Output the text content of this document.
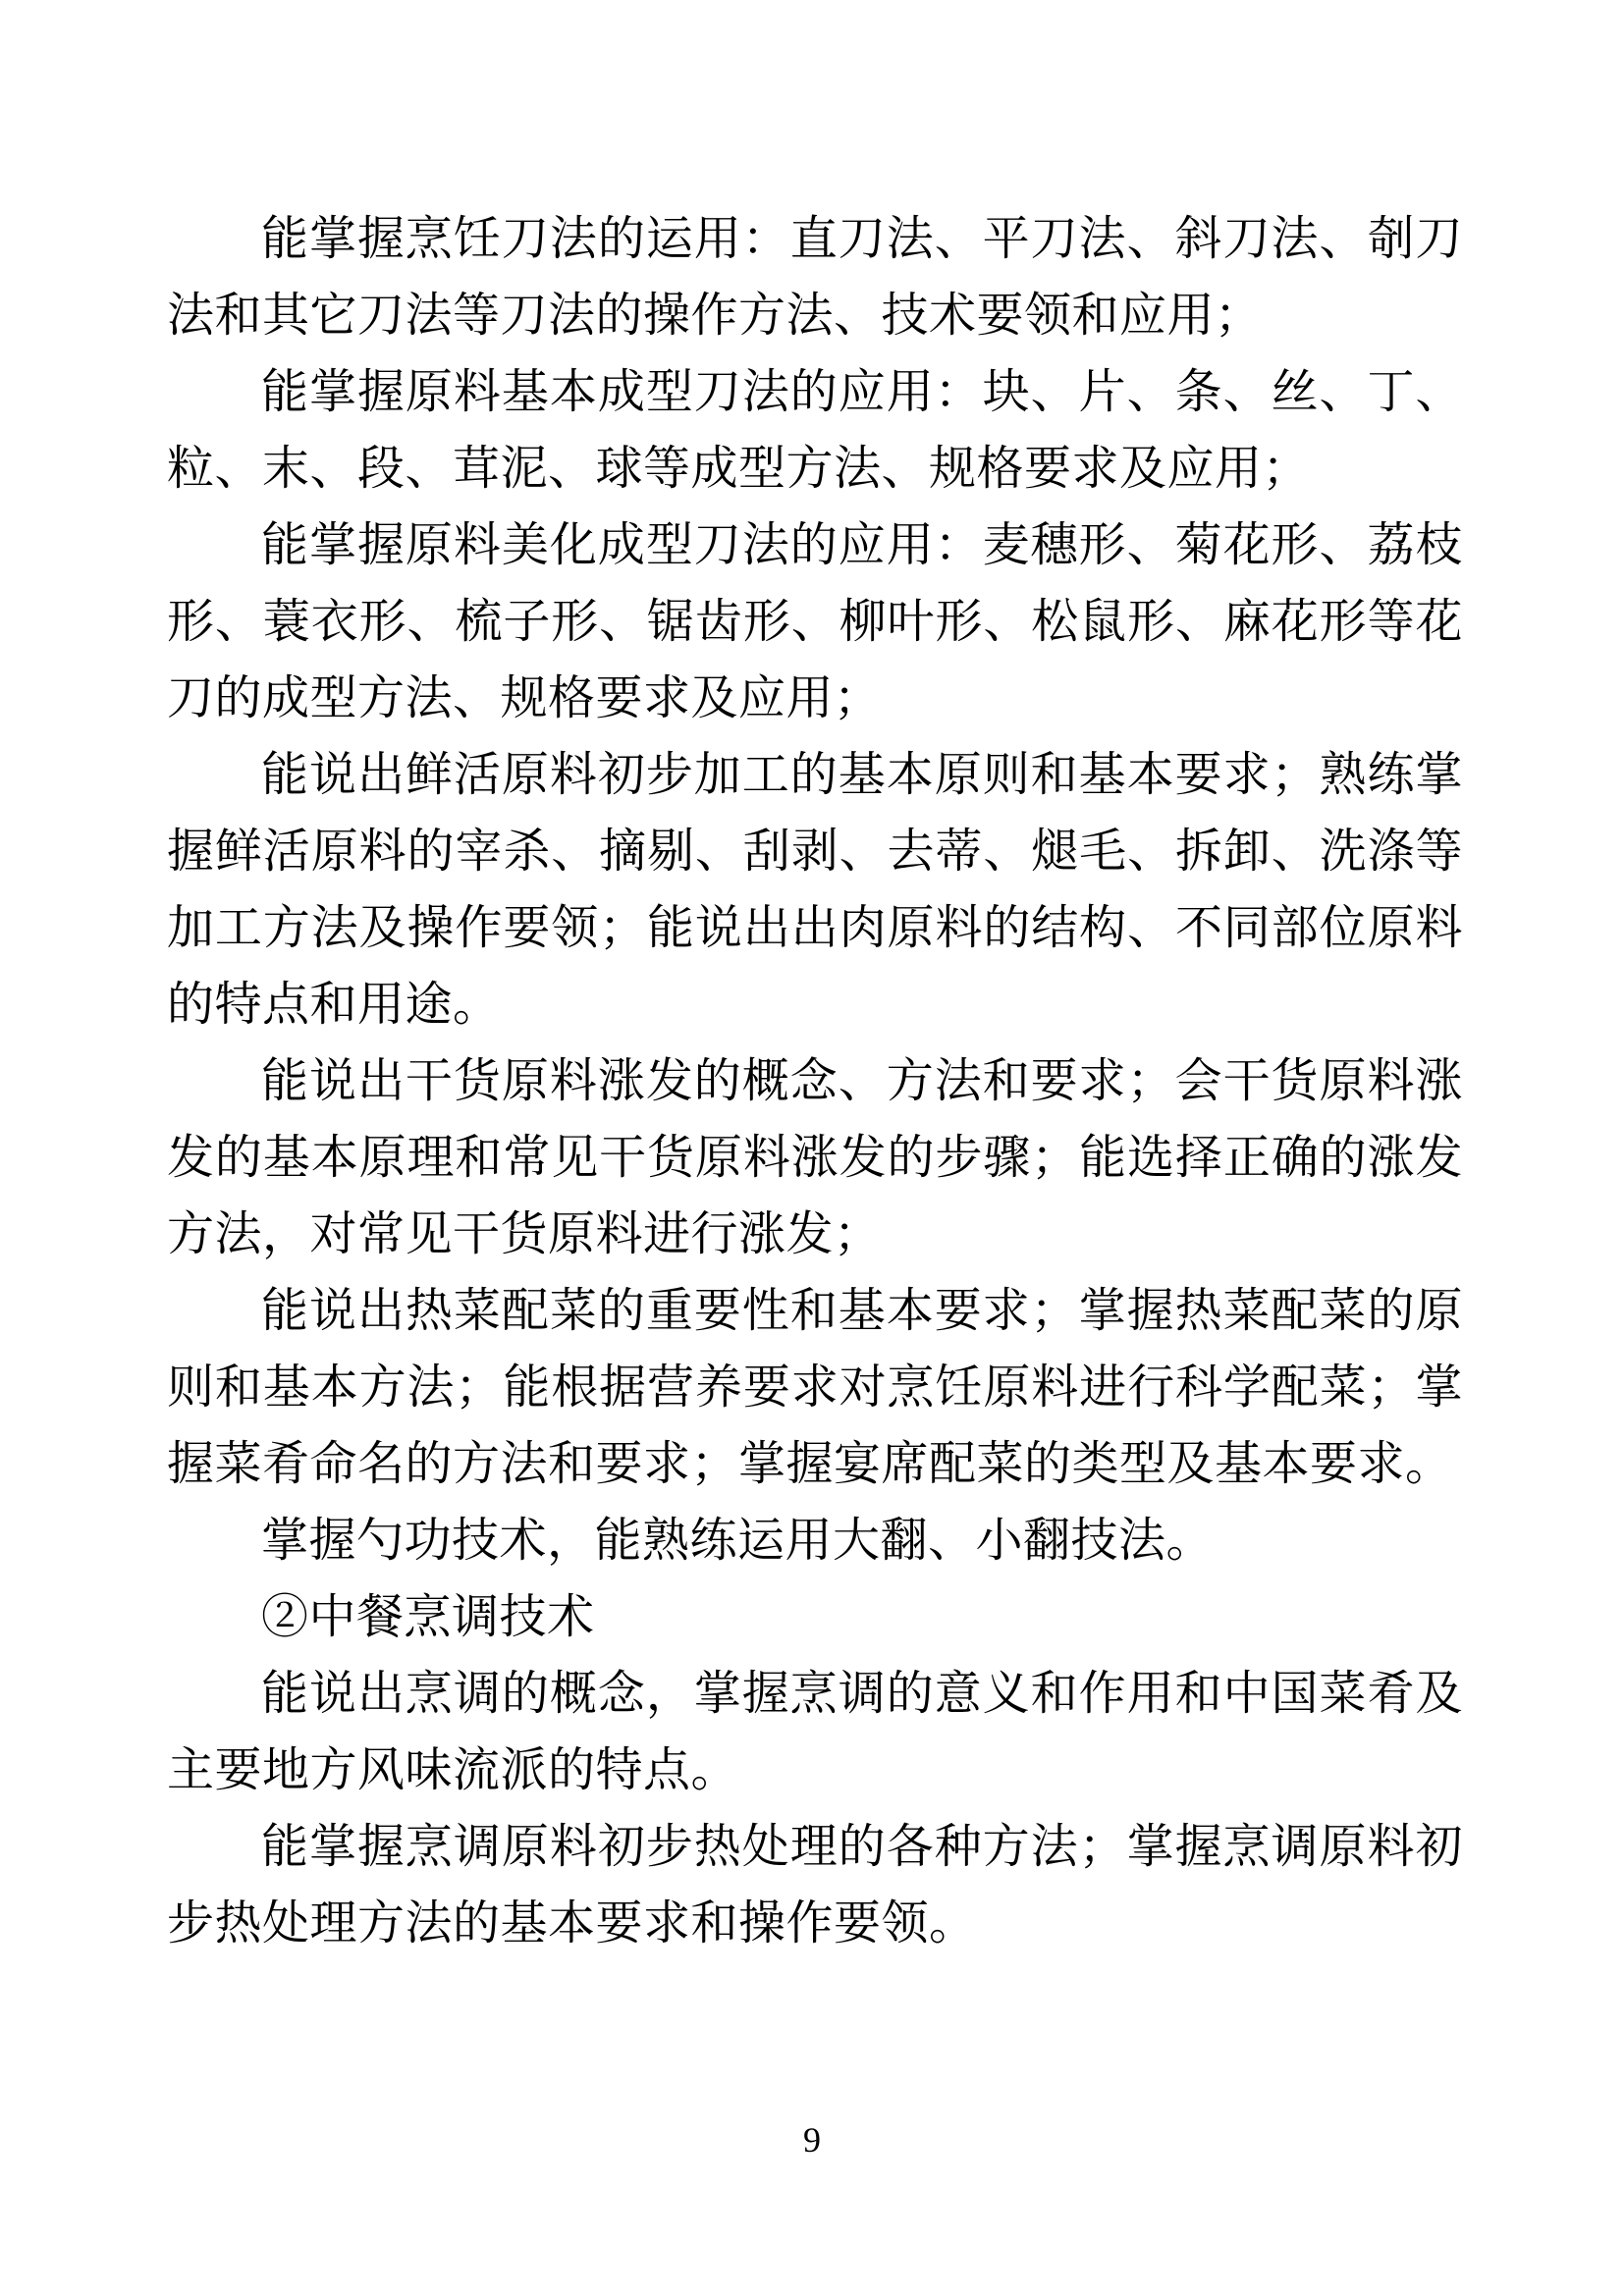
能掌握烹饪刀法的运用：直刀法、平刀法、斜刀法、剞刀法和其它刀法等刀法的操作方法、技术要领和应用；

能掌握原料基本成型刀法的应用：块、片、条、丝、丁、粒、末、段、茸泥、球等成型方法、规格要求及应用；

能掌握原料美化成型刀法的应用：麦穗形、菊花形、荔枝形、蓑衣形、梳子形、锯齿形、柳叶形、松鼠形、麻花形等花刀的成型方法、规格要求及应用；

能说出鲜活原料初步加工的基本原则和基本要求；熟练掌握鲜活原料的宰杀、摘剔、刮剥、去蒂、煺毛、拆卸、洗涤等加工方法及操作要领；能说出出肉原料的结构、不同部位原料的特点和用途。

能说出干货原料涨发的概念、方法和要求；会干货原料涨发的基本原理和常见干货原料涨发的步骤；能选择正确的涨发方法，对常见干货原料进行涨发；

能说出热菜配菜的重要性和基本要求；掌握热菜配菜的原则和基本方法；能根据营养要求对烹饪原料进行科学配菜；掌握菜肴命名的方法和要求；掌握宴席配菜的类型及基本要求。

掌握勺功技术，能熟练运用大翻、小翻技法。

②中餐烹调技术

能说出烹调的概念，掌握烹调的意义和作用和中国菜肴及主要地方风味流派的特点。

能掌握烹调原料初步热处理的各种方法；掌握烹调原料初步热处理方法的基本要求和操作要领。

9
